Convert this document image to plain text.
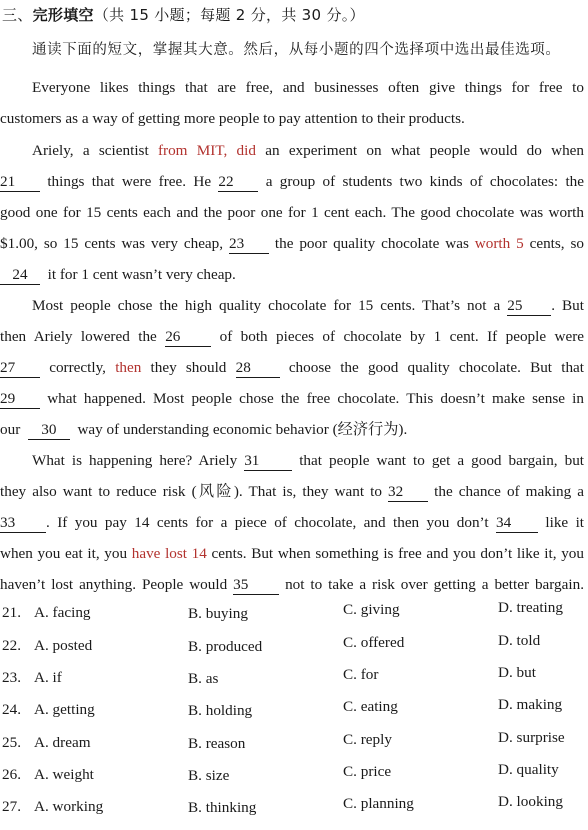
三、完形填空（共 15 小题；每题 2 分，共 30 分。）
通读下面的短文，掌握其大意。然后，从每小题的四个选择项中选出最佳选项。
Everyone likes things that are free, and businesses often give things for free to
customers as a way of getting more people to pay attention to their products.
Ariely, a scientist from MIT, did an experiment on what people would do when
21 things that were free. He 22 a group of students two kinds of chocolates: the
good one for 15 cents each and the poor one for 1 cent each. The good chocolate was worth
$1.00, so 15 cents was very cheap, 23 the poor quality chocolate was worth 5 cents, so
24 it for 1 cent wasn’t very cheap.
Most people chose the high quality chocolate for 15 cents. That’s not a 25 . But
then Ariely lowered the 26	of both pieces of chocolate by 1 cent. If people were
27 correctly, then they should 28	choose the good quality chocolate. But that
29 what happened. Most people chose the free chocolate. This doesn’t make sense in
our 30 way of understanding economic behavior (经济行为).
What is happening here? Ariely 31	that people want to get a good bargain, but
they also want to reduce risk (风险). That is, they want to 32 the chance of making a
33 . If you pay 14 cents for a piece of chocolate, and then you don’t 34 like it
when you eat it, you have lost 14 cents. But when something is free and you don’t like it, you
haven’t lost anything. People would 35 not to take a risk over getting a better bargain.
21. A. facing	B. buying	C. giving	D. treating
22. A. posted	B. produced	C. offered	D. told
23. A. if	B. as	C. for	D. but
24. A. getting	B. holding	C. eating	D. making
25. A. dream	B. reason	C. reply	D. surprise
26. A. weight	B. size	C. price	D. quality
27. A. working	B. thinking	C. planning	D. looking
